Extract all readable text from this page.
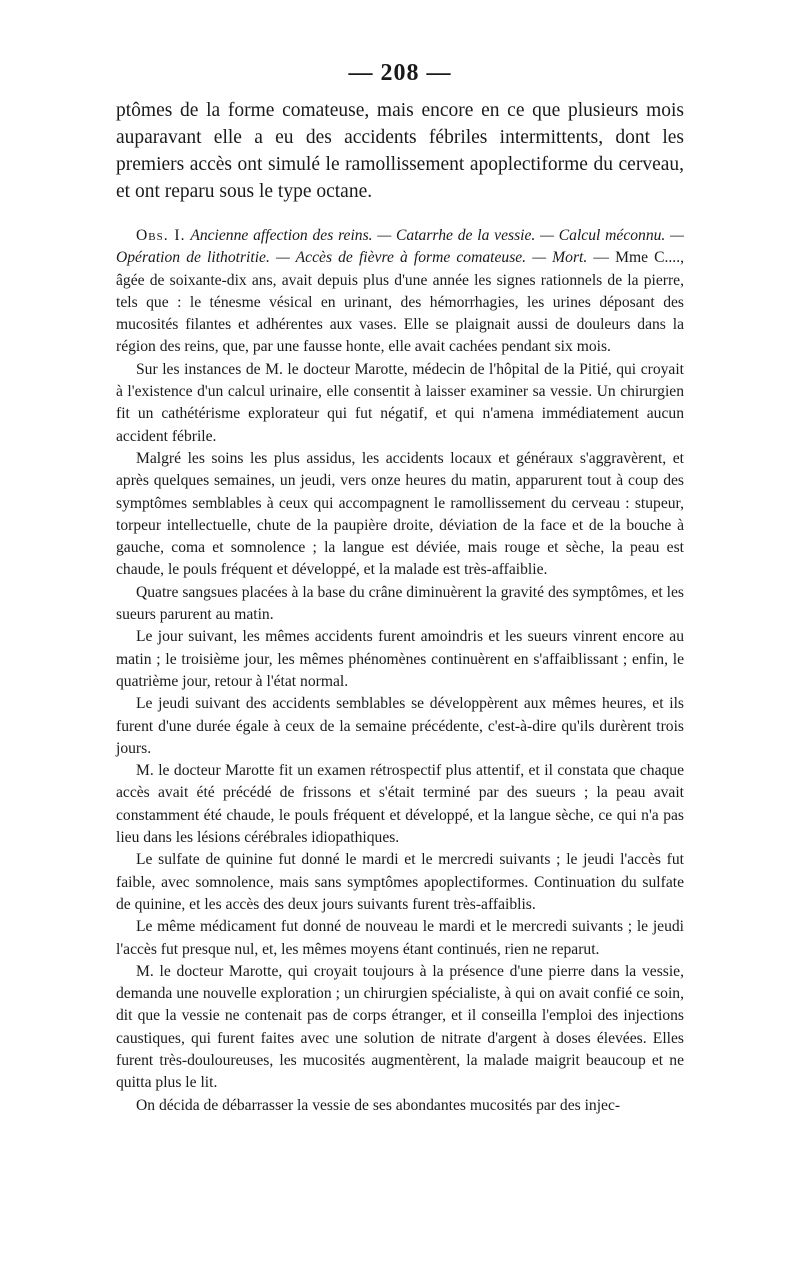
— 208 —

ptômes de la forme comateuse, mais encore en ce que plusieurs mois auparavant elle a eu des accidents fébriles intermittents, dont les premiers accès ont simulé le ramollissement apoplectiforme du cerveau, et ont reparu sous le type octane.

Obs. I. Ancienne affection des reins. — Catarrhe de la vessie. — Calcul méconnu. — Opération de lithotritie. — Accès de fièvre à forme comateuse. — Mort. — Mme C...., âgée de soixante-dix ans, avait depuis plus d'une année les signes rationnels de la pierre, tels que : le ténesme vésical en urinant, des hémorrhagies, les urines déposant des mucosités filantes et adhérentes aux vases. Elle se plaignait aussi de douleurs dans la région des reins, que, par une fausse honte, elle avait cachées pendant six mois.

Sur les instances de M. le docteur Marotte, médecin de l'hôpital de la Pitié, qui croyait à l'existence d'un calcul urinaire, elle consentit à laisser examiner sa vessie. Un chirurgien fit un cathétérisme explorateur qui fut négatif, et qui n'amena immédiatement aucun accident fébrile.

Malgré les soins les plus assidus, les accidents locaux et généraux s'aggravèrent, et après quelques semaines, un jeudi, vers onze heures du matin, apparurent tout à coup des symptômes semblables à ceux qui accompagnent le ramollissement du cerveau : stupeur, torpeur intellectuelle, chute de la paupière droite, déviation de la face et de la bouche à gauche, coma et somnolence ; la langue est déviée, mais rouge et sèche, la peau est chaude, le pouls fréquent et développé, et la malade est très-affaiblie.

Quatre sangsues placées à la base du crâne diminuèrent la gravité des symptômes, et les sueurs parurent au matin.

Le jour suivant, les mêmes accidents furent amoindris et les sueurs vinrent encore au matin ; le troisième jour, les mêmes phénomènes continuèrent en s'affaiblissant ; enfin, le quatrième jour, retour à l'état normal.

Le jeudi suivant des accidents semblables se développèrent aux mêmes heures, et ils furent d'une durée égale à ceux de la semaine précédente, c'est-à-dire qu'ils durèrent trois jours.

M. le docteur Marotte fit un examen rétrospectif plus attentif, et il constata que chaque accès avait été précédé de frissons et s'était terminé par des sueurs ; la peau avait constamment été chaude, le pouls fréquent et développé, et la langue sèche, ce qui n'a pas lieu dans les lésions cérébrales idiopathiques.

Le sulfate de quinine fut donné le mardi et le mercredi suivants ; le jeudi l'accès fut faible, avec somnolence, mais sans symptômes apoplectiformes. Continuation du sulfate de quinine, et les accès des deux jours suivants furent très-affaiblis.

Le même médicament fut donné de nouveau le mardi et le mercredi suivants ; le jeudi l'accès fut presque nul, et, les mêmes moyens étant continués, rien ne reparut.

M. le docteur Marotte, qui croyait toujours à la présence d'une pierre dans la vessie, demanda une nouvelle exploration ; un chirurgien spécialiste, à qui on avait confié ce soin, dit que la vessie ne contenait pas de corps étranger, et il conseilla l'emploi des injections caustiques, qui furent faites avec une solution de nitrate d'argent à doses élevées. Elles furent très-douloureuses, les mucosités augmentèrent, la malade maigrit beaucoup et ne quitta plus le lit.

On décida de débarrasser la vessie de ses abondantes mucosités par des injec-
